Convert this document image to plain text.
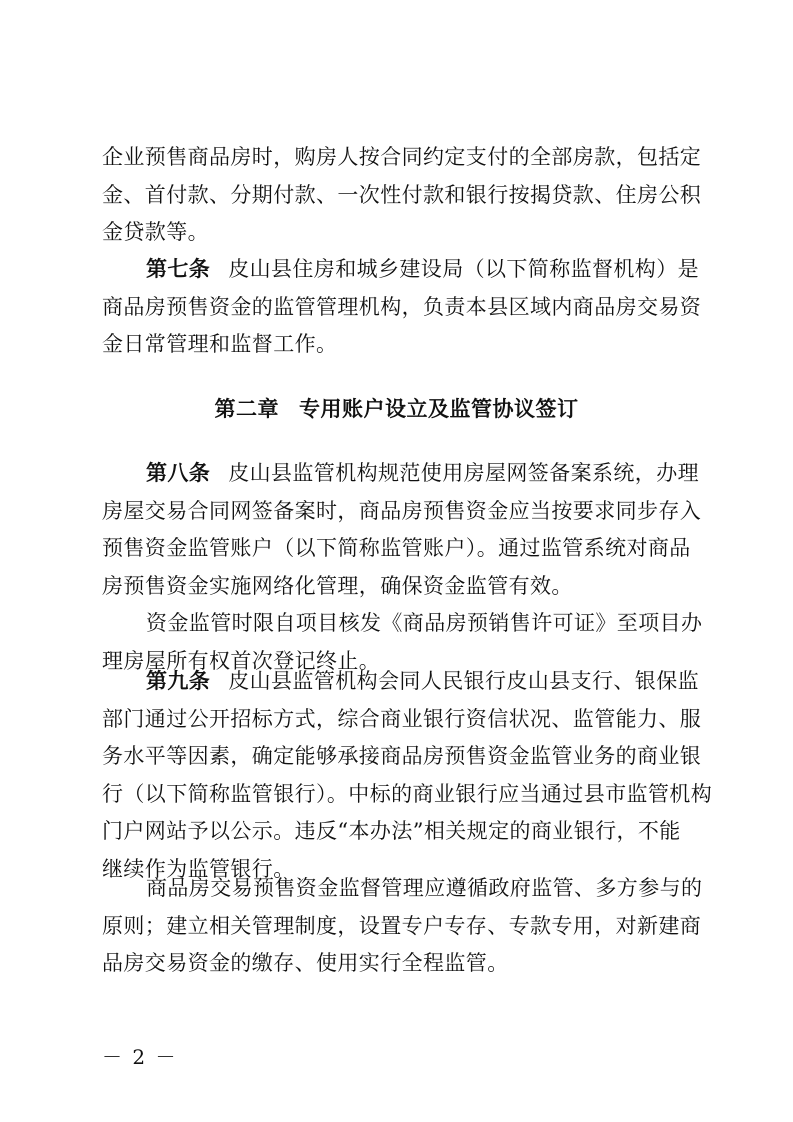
企业预售商品房时，购房人按合同约定支付的全部房款，包括定
金、首付款、分期付款、一次性付款和银行按揭贷款、住房公积
金贷款等。
第七条 皮山县住房和城乡建设局（以下简称监督机构）是
商品房预售资金的监管管理机构，负责本县区域内商品房交易资
金日常管理和监督工作。
第二章 专用账户设立及监管协议签订
第八条 皮山县监管机构规范使用房屋网签备案系统，办理
房屋交易合同网签备案时，商品房预售资金应当按要求同步存入
预售资金监管账户（以下简称监管账户）。通过监管系统对商品
房预售资金实施网络化管理，确保资金监管有效。
资金监管时限自项目核发《商品房预销售许可证》至项目办
理房屋所有权首次登记终止。
第九条 皮山县监管机构会同人民银行皮山县支行、银保监
部门通过公开招标方式，综合商业银行资信状况、监管能力、服
务水平等因素，确定能够承接商品房预售资金监管业务的商业银
行（以下简称监管银行）。中标的商业银行应当通过县市监管机构
门户网站予以公示。违反“本办法”相关规定的商业银行，不能
继续作为监管银行。
商品房交易预售资金监督管理应遵循政府监管、多方参与的
原则；建立相关管理制度，设置专户专存、专款专用，对新建商
品房交易资金的缴存、使用实行全程监管。
－ 2 －
